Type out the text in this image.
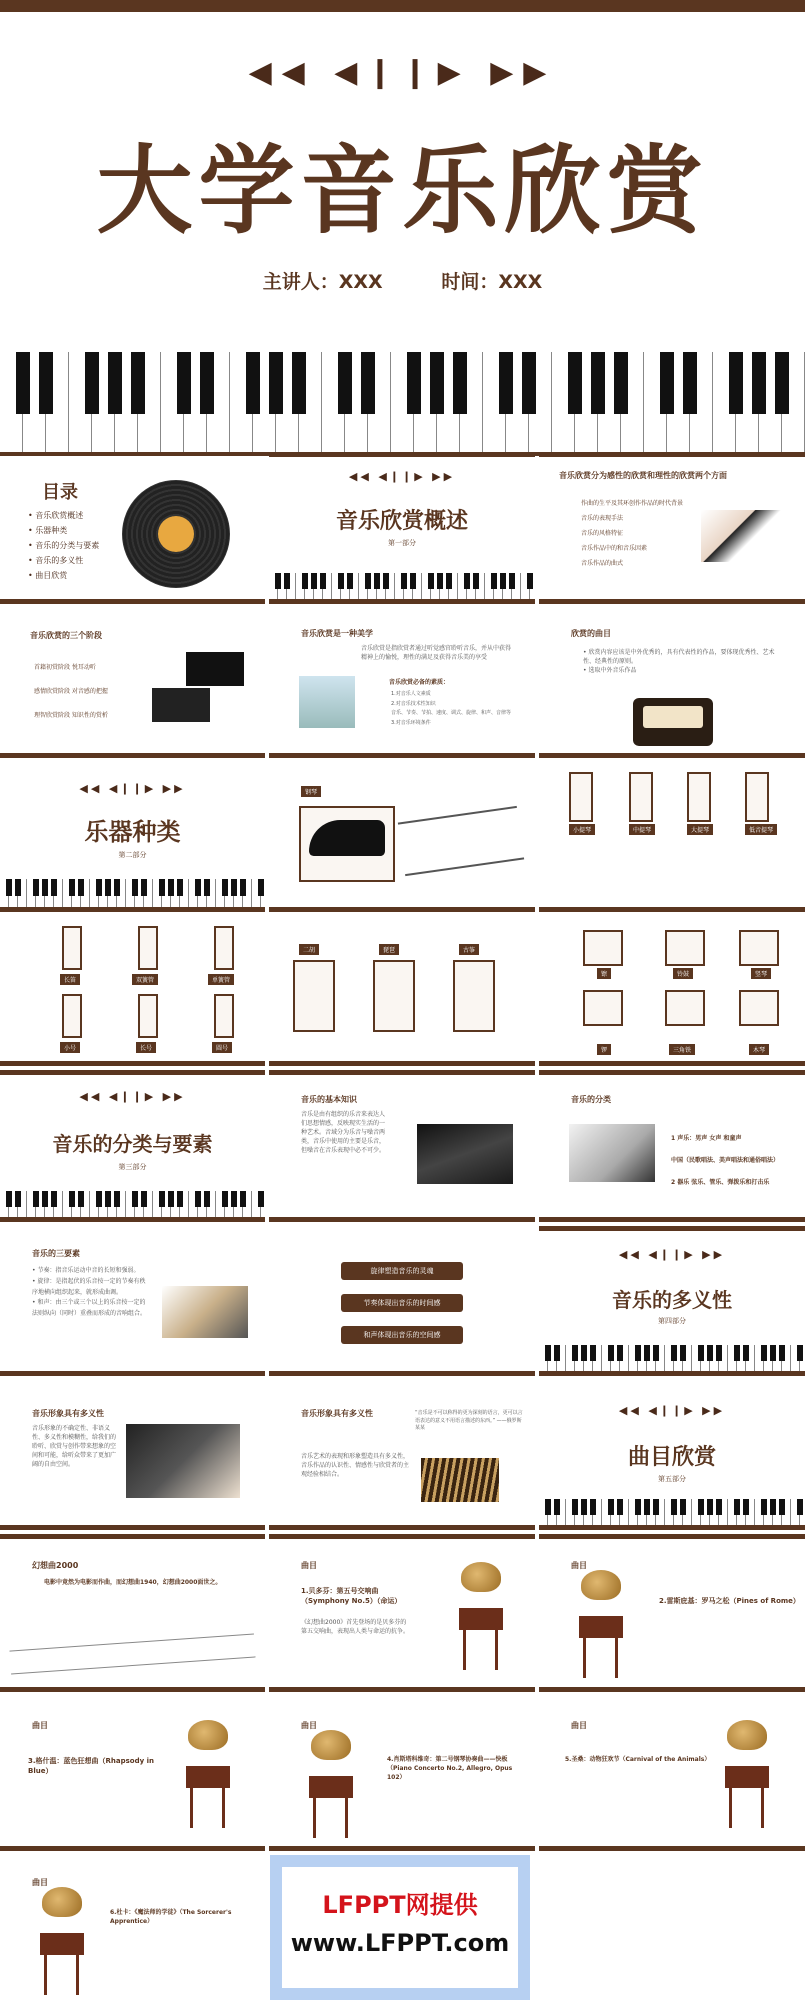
◀◀ ◀❙❙▶ ▶▶
大学音乐欣赏
主讲人：XXX	时间：XXX
目录
• 音乐欣赏概述
• 乐器种类
• 音乐的分类与要素
• 音乐的多义性
• 曲目欣赏
◀◀ ◀❙❙▶ ▶▶
音乐欣赏概述
第一部分
音乐欣赏分为感性的欣赏和理性的欣赏两个方面
作曲的生平及其环创作作品的时代背景
音乐的表现手法
音乐的风格特征
音乐作品中的和音乐因素
音乐作品的曲式
音乐欣赏的三个阶段
首籍初赏阶段 悦耳动听
感情欣赏阶段 对音感的把握
理智欣赏阶段 知识性的赏析
音乐欣赏是一种美学
音乐欣赏是指欣赏者通过听觉感官聆听音乐，并从中获得精神上的愉悦，理性的满足及获得音乐美的享受
音乐欣赏必备的素质：
1.对音乐人文素质
2.对音乐技术性知识
音乐、节奏、节拍、速度、调式、旋律、和声、音律等
3.对音乐环境条件
欣赏的曲目
• 欣赏内容应该是中外优秀的，具有代表性的作品，要体现优秀性、艺术性、经典性的原则。
• 选取中外音乐作品
◀◀ ◀❙❙▶ ▶▶
乐器种类
第二部分
钢琴
小提琴	中提琴	大提琴	低音提琴
长笛	双簧管	单簧管
小号	长号	圆号
二胡	琵琶	古筝
镲	铃鼓	竖琴
锣	三角铁	木琴
◀◀ ◀❙❙▶ ▶▶
音乐的分类与要素
第三部分
音乐的基本知识
音乐是由有组织的乐音来表达人们思想情感，反映现实生活的一种艺术。音域分为乐音与噪音两类，音乐中使用的主要是乐音，但噪音在音乐表现中必不可少。
音乐的分类
1 声乐：男声 女声 和童声
中国（民歌唱法、美声唱法和通俗唱法）
2 器乐 弦乐、管乐、弹拨乐和打击乐
音乐的三要素
• 节奏：指音乐运动中音的长短和强弱。
• 旋律：是指起伏的乐音按一定的节奏有秩序地横向组织起来，就形成曲调。
• 和声：由三个或三个以上的乐音按一定的法则纵向（同时）重叠而形成的音响组合。
旋律塑造音乐的灵魂
节奏体现出音乐的时间感
和声体现出音乐的空间感
◀◀ ◀❙❙▶ ▶▶
音乐的多义性
第四部分
音乐形象具有多义性
音乐形象的不确定性、非语义性、多义性和模糊性，给我们的聆听、欣赏与创作带来想象的空间和可能，给听众带来了更加广阔的自由空间。
“音乐是不可以称得的更为深刻的语言，更可以言语表达的意义不用语言描述的东西。” ——俄罗斯某某
音乐形象具有多义性
音乐艺术的表现和形象塑造具有多义性，音乐作品的认识性、情感性与欣赏者的主观经验相结合。
◀◀ ◀❙❙▶ ▶▶
曲目欣赏
第五部分
幻想曲2000
电影中竟然为电影而作曲，而幻想曲1940，幻想曲2000面世之。
曲目
1.贝多芬：第五号交响曲（Symphony No.5）（命运）
《幻想曲2000》首先登场的是贝多芬的第五交响曲，表现出人类与命运的抗争。
曲目
2.雷斯庇基：罗马之松（Pines of Rome）
曲目
3.格什温：蓝色狂想曲（Rhapsody in Blue）
曲目
4.肖斯塔科维奇：第二号钢琴协奏曲——快板（Piano Concerto No.2, Allegro, Opus 102）
曲目
5.圣桑：动物狂欢节（Carnival of the Animals）
曲目
6.杜卡：《魔法师的学徒》（The Sorcerer's Apprentice）
LFPPT网提供
www.LFPPT.com
